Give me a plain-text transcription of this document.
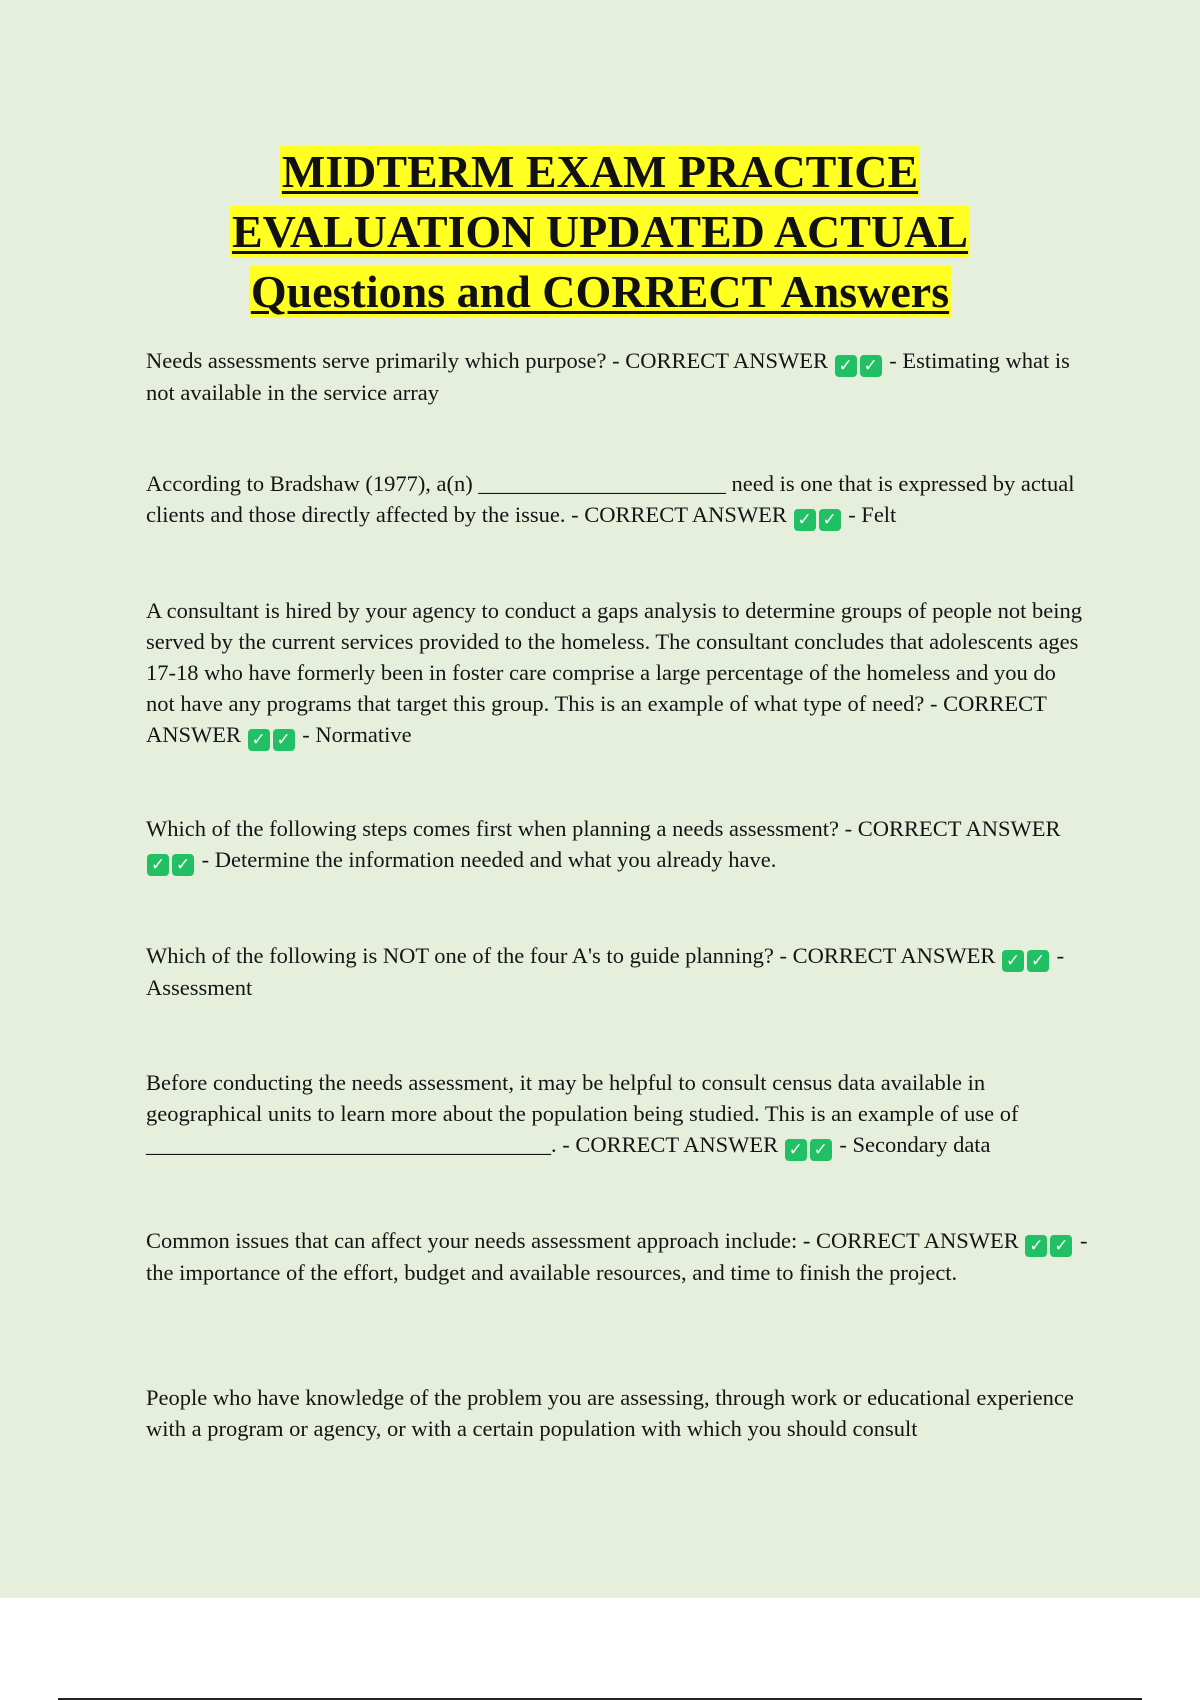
MIDTERM EXAM PRACTICE
EVALUATION UPDATED ACTUAL
Questions and CORRECT Answers
Needs assessments serve primarily which purpose? - CORRECT ANSWER ✓ ✓ - Estimating what is not available in the service array
According to Bradshaw (1977), a(n) ______________________ need is one that is expressed by actual clients and those directly affected by the issue. - CORRECT ANSWER ✓ ✓ - Felt
A consultant is hired by your agency to conduct a gaps analysis to determine groups of people not being served by the current services provided to the homeless. The consultant concludes that adolescents ages 17-18 who have formerly been in foster care comprise a large percentage of the homeless and you do not have any programs that target this group. This is an example of what type of need? - CORRECT ANSWER ✓ ✓ - Normative
Which of the following steps comes first when planning a needs assessment? - CORRECT ANSWER ✓ ✓ - Determine the information needed and what you already have.
Which of the following is NOT one of the four A's to guide planning? - CORRECT ANSWER ✓ ✓ - Assessment
Before conducting the needs assessment, it may be helpful to consult census data available in geographical units to learn more about the population being studied. This is an example of use of ____________________________________. - CORRECT ANSWER ✓ ✓ - Secondary data
Common issues that can affect your needs assessment approach include: - CORRECT ANSWER ✓ ✓ - the importance of the effort, budget and available resources, and time to finish the project.
People who have knowledge of the problem you are assessing, through work or educational experience with a program or agency, or with a certain population with which you should consult
